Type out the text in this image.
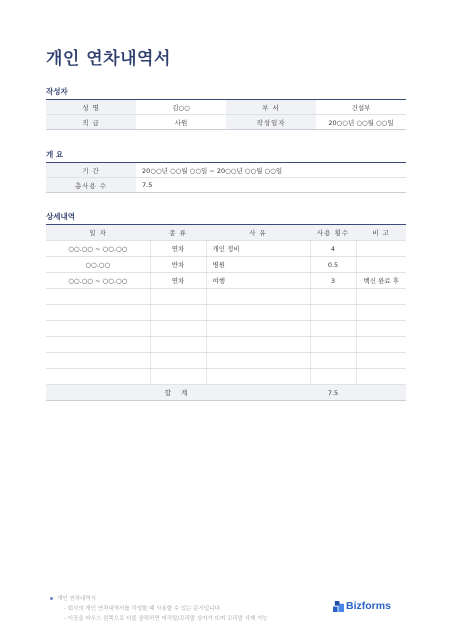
개인 연차내역서
작성자
성 명	김○○	부 서	건설부
직 급	사원	작성일자	20○○년 ○○월 ○○일
개 요
기 간	20○○년 ○○월 ○○일 ~ 20○○년 ○○월 ○○일
총사용 수	7.5
상세내역
일 자	종 류	사 유	사용 횟수	비 고
○○.○○ ~ ○○.○○	연차	개인 정비	4	
○○.○○	반차	병원	0.5	
○○.○○ ~ ○○.○○	연차	여행	3	백신 완료 후

합 계			7.5	
개인 연차내역서
- 회사의 개인 연차내역서를 작성할 때 사용할 수 있는 문서입니다.
- 이곳을 마우스 왼쪽으로 더블 클릭하면 머리말/꼬리말 상자가 뜨며 꼬리말 삭제 가능
Bizforms
